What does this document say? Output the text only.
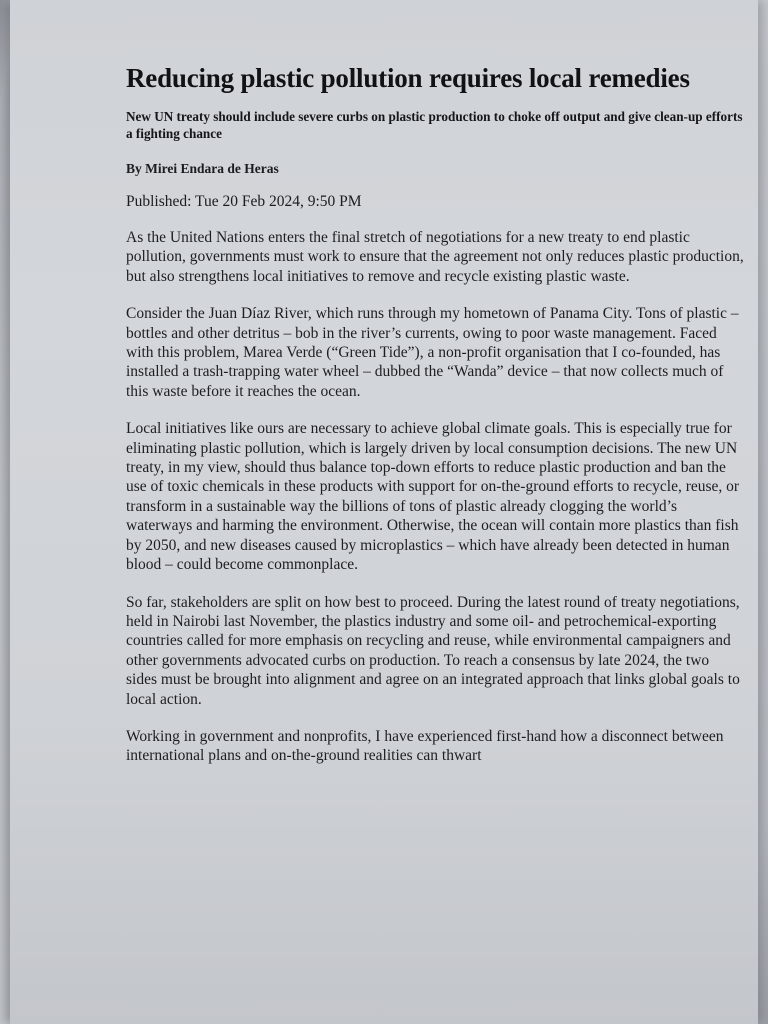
Reducing plastic pollution requires local remedies

New UN treaty should include severe curbs on plastic production to choke off output and give clean-up efforts a fighting chance

By Mirei Endara de Heras

Published: Tue 20 Feb 2024, 9:50 PM

As the United Nations enters the final stretch of negotiations for a new treaty to end plastic pollution, governments must work to ensure that the agreement not only reduces plastic production, but also strengthens local initiatives to remove and recycle existing plastic waste.

Consider the Juan Díaz River, which runs through my hometown of Panama City. Tons of plastic – bottles and other detritus – bob in the river’s currents, owing to poor waste management. Faced with this problem, Marea Verde (“Green Tide”), a non-profit organisation that I co-founded, has installed a trash-trapping water wheel – dubbed the “Wanda” device – that now collects much of this waste before it reaches the ocean.

Local initiatives like ours are necessary to achieve global climate goals. This is especially true for eliminating plastic pollution, which is largely driven by local consumption decisions. The new UN treaty, in my view, should thus balance top-down efforts to reduce plastic production and ban the use of toxic chemicals in these products with support for on-the-ground efforts to recycle, reuse, or transform in a sustainable way the billions of tons of plastic already clogging the world’s waterways and harming the environment. Otherwise, the ocean will contain more plastics than fish by 2050, and new diseases caused by microplastics – which have already been detected in human blood – could become commonplace.

So far, stakeholders are split on how best to proceed. During the latest round of treaty negotiations, held in Nairobi last November, the plastics industry and some oil- and petrochemical-exporting countries called for more emphasis on recycling and reuse, while environmental campaigners and other governments advocated curbs on production. To reach a consensus by late 2024, the two sides must be brought into alignment and agree on an integrated approach that links global goals to local action.

Working in government and nonprofits, I have experienced first-hand how a disconnect between international plans and on-the-ground realities can thwart
